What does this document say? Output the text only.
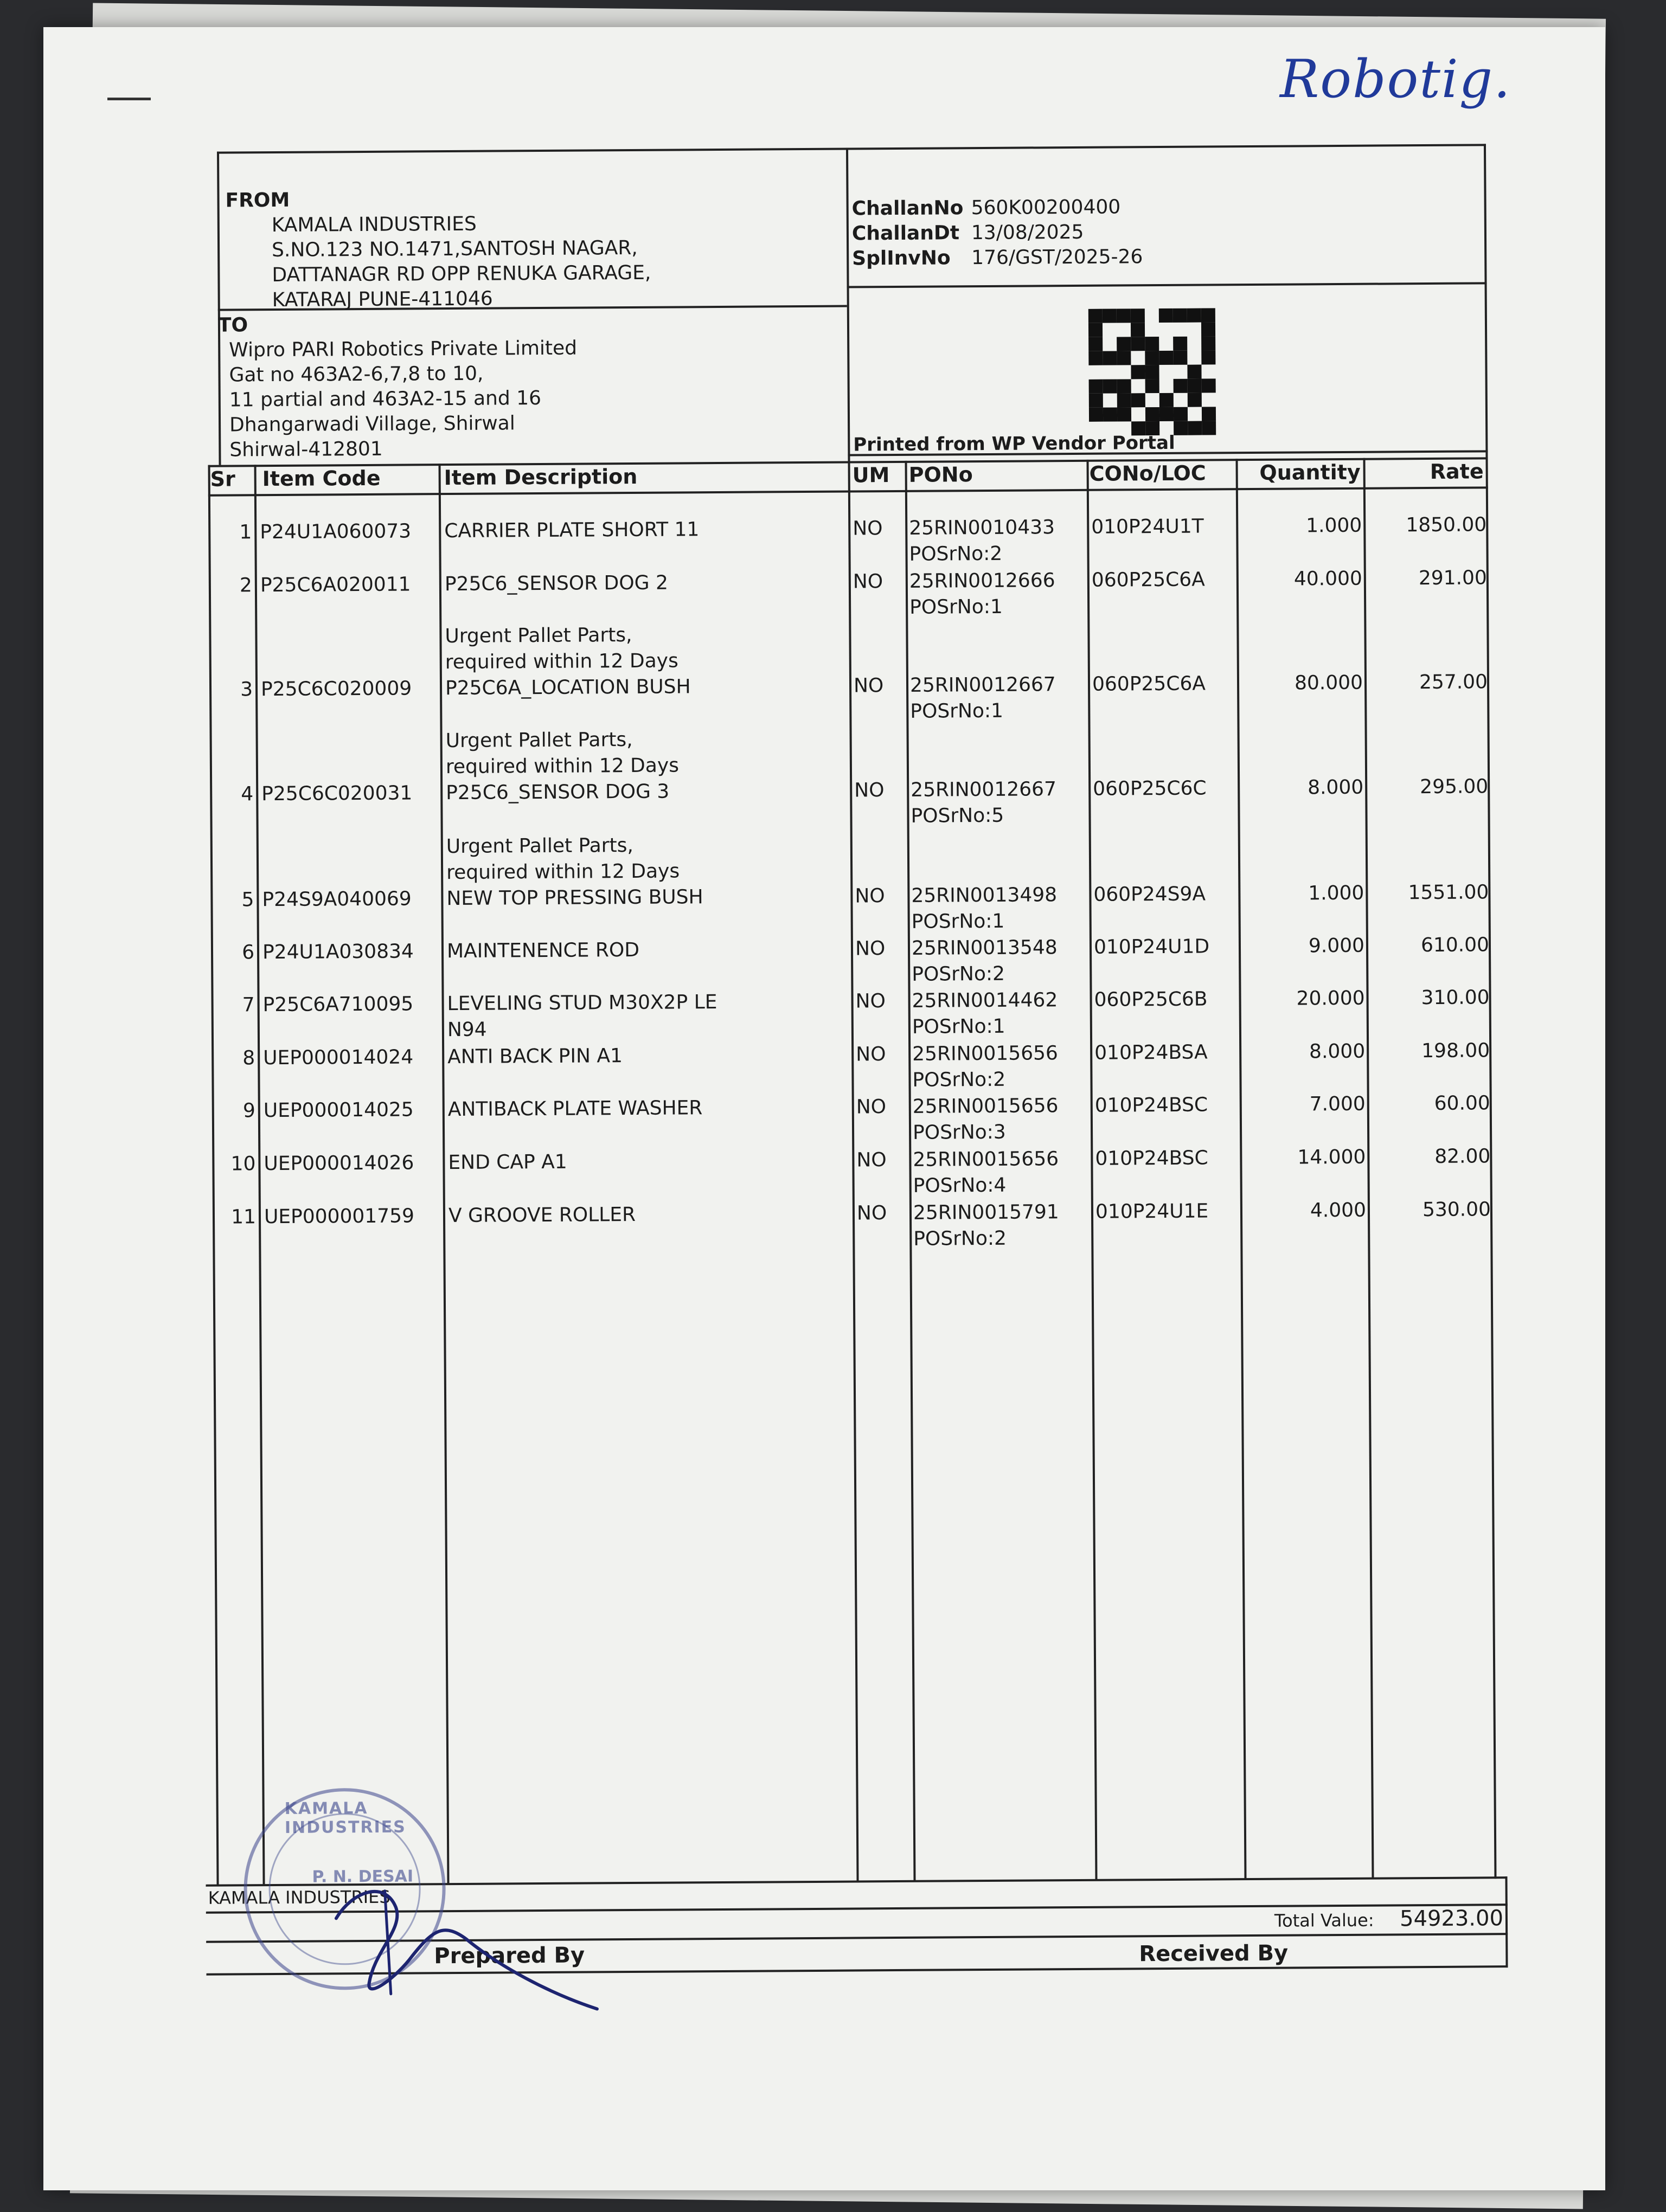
Robotig.
FROM
KAMALA INDUSTRIES
S.NO.123 NO.1471,SANTOSH NAGAR,
DATTANAGR RD OPP RENUKA GARAGE,
KATARAJ PUNE-411046
ChallanNo 560K00200400
ChallanDt 13/08/2025
SplInvNo 176/GST/2025-26
TO
Wipro PARI Robotics Private Limited
Gat no 463A2-6,7,8 to 10,
11 partial and 463A2-15 and 16
Dhangarwadi Village, Shirwal
Shirwal-412801	Printed from WP Vendor Portal
Sr Item Code	Item Description	UM PONo	CONo/LOC	Quantity	Rate
1 P24U1A060073 CARRIER PLATE SHORT 11	NO 25RIN0010433
POSrNo:2
010P24U1T	1.000	1850.00
2 P25C6A020011 P25C6_SENSOR DOG 2	NO 25RIN0012666
POSrNo:1
060P25C6A	40.000	291.00
3 P25C6C020009
Urgent Pallet Parts,
required within 12 Days
P25C6A_LOCATION BUSH	NO 25RIN0012667
POSrNo:1
060P25C6A	80.000	257.00
4 P25C6C020031
Urgent Pallet Parts,
required within 12 Days
P25C6_SENSOR DOG 3	NO 25RIN0012667
POSrNo:5
060P25C6C	8.000	295.00
5 P24S9A040069
Urgent Pallet Parts,
required within 12 Days
NEW TOP PRESSING BUSH	NO 25RIN0013498
POSrNo:1
060P24S9A	1.000	1551.00
6 P24U1A030834 MAINTENENCE ROD	NO 25RIN0013548
POSrNo:2
010P24U1D	9.000	610.00
7 P25C6A710095 LEVELING STUD M30X2P LE
N94
NO 25RIN0014462
POSrNo:1
060P25C6B	20.000	310.00
8 UEP000014024 ANTI BACK PIN A1	NO 25RIN0015656
POSrNo:2
010P24BSA	8.000	198.00
9 UEP000014025 ANTIBACK PLATE WASHER	NO 25RIN0015656
POSrNo:3
010P24BSC	7.000	60.00
10 UEP000014026 END CAP A1	NO 25RIN0015656
POSrNo:4
010P24BSC	14.000	82.00
11 UEP000001759 V GROOVE ROLLER	NO 25RIN0015791
POSrNo:2
010P24U1E	4.000	530.00
KAMALA INDUSTRIES
Total Value:	54923.00
Prepared By	Received By
KAMALA INDUSTRIES
P. N. DESAI
